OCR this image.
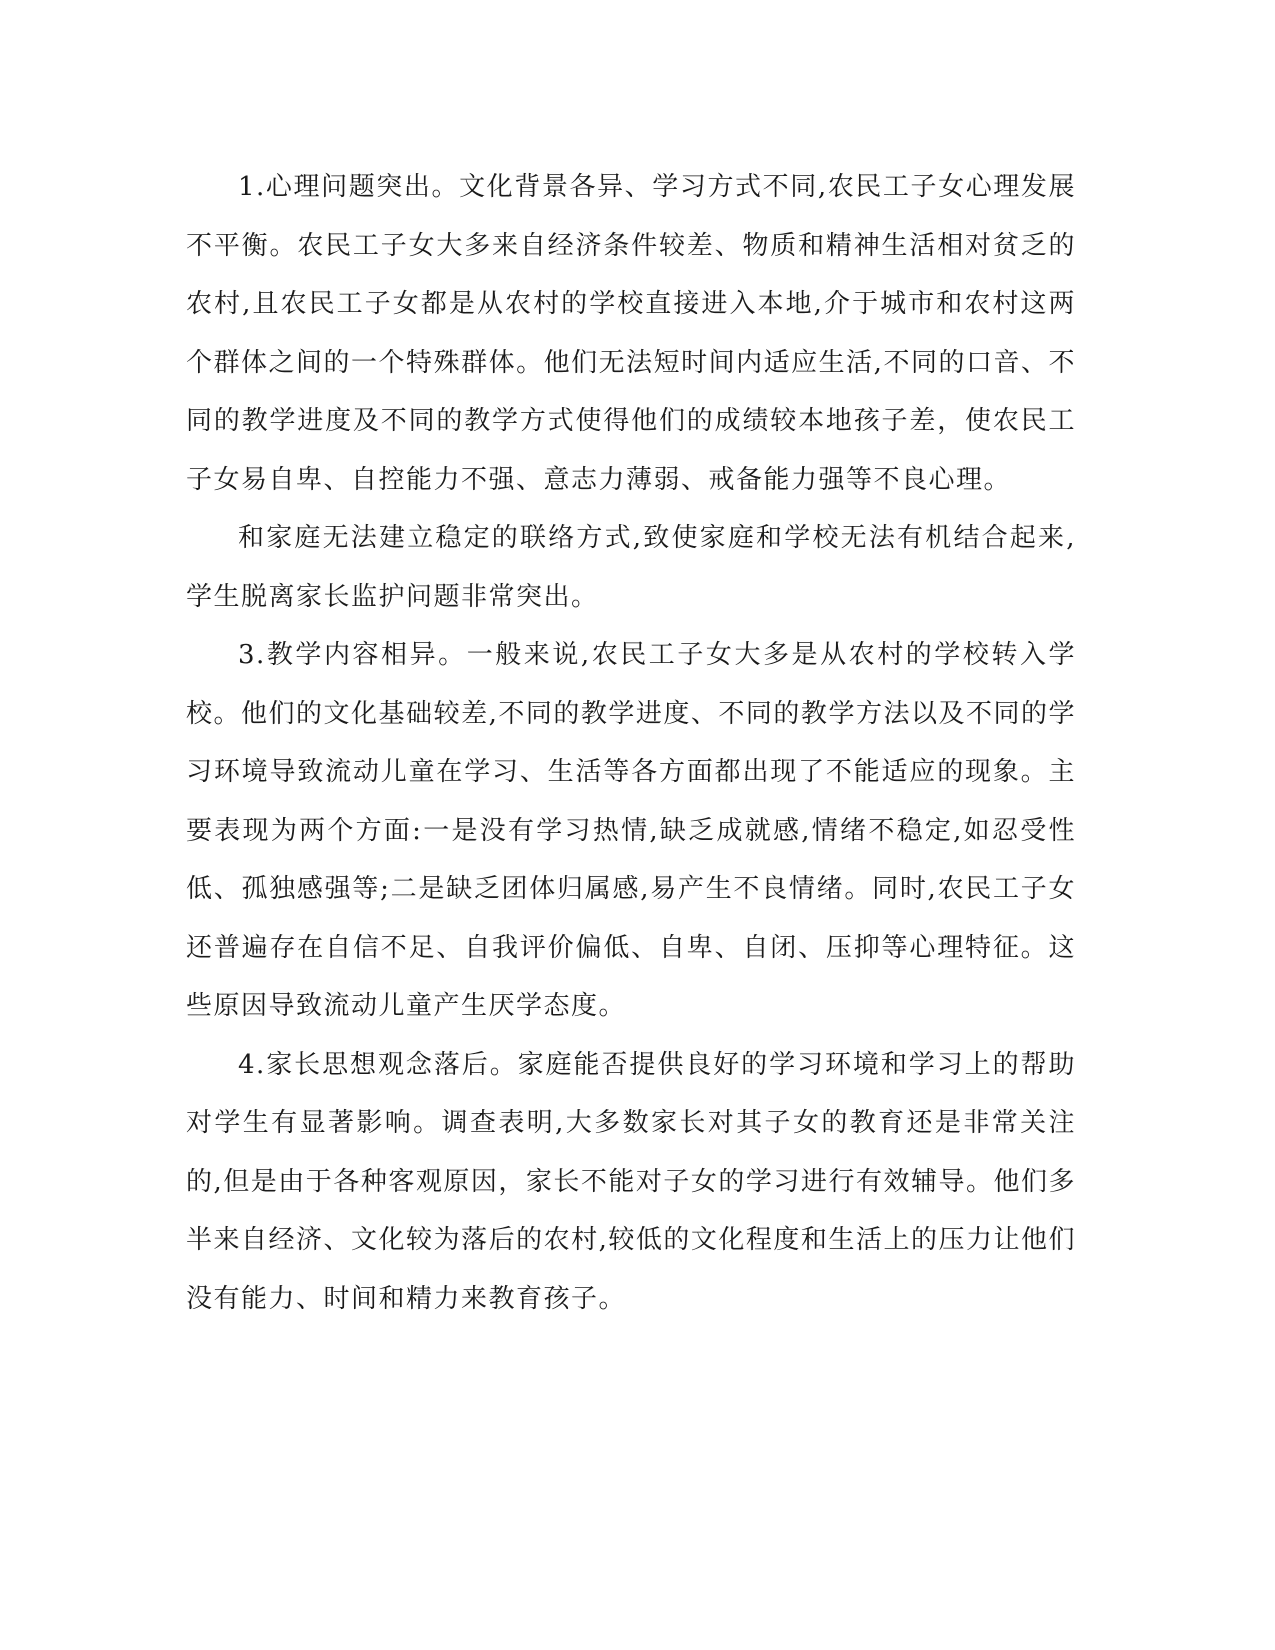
1.心理问题突出。文化背景各异、学习方式不同,农民工子女心理发展不平衡。农民工子女大多来自经济条件较差、物质和精神生活相对贫乏的农村,且农民工子女都是从农村的学校直接进入本地,介于城市和农村这两个群体之间的一个特殊群体。他们无法短时间内适应生活,不同的口音、不同的教学进度及不同的教学方式使得他们的成绩较本地孩子差，使农民工子女易自卑、自控能力不强、意志力薄弱、戒备能力强等不良心理。

和家庭无法建立稳定的联络方式,致使家庭和学校无法有机结合起来,学生脱离家长监护问题非常突出。

3.教学内容相异。一般来说,农民工子女大多是从农村的学校转入学校。他们的文化基础较差,不同的教学进度、不同的教学方法以及不同的学习环境导致流动儿童在学习、生活等各方面都出现了不能适应的现象。主要表现为两个方面:一是没有学习热情,缺乏成就感,情绪不稳定,如忍受性低、孤独感强等;二是缺乏团体归属感,易产生不良情绪。同时,农民工子女还普遍存在自信不足、自我评价偏低、自卑、自闭、压抑等心理特征。这些原因导致流动儿童产生厌学态度。

4.家长思想观念落后。家庭能否提供良好的学习环境和学习上的帮助对学生有显著影响。调查表明,大多数家长对其子女的教育还是非常关注的,但是由于各种客观原因，家长不能对子女的学习进行有效辅导。他们多半来自经济、文化较为落后的农村,较低的文化程度和生活上的压力让他们没有能力、时间和精力来教育孩子。
